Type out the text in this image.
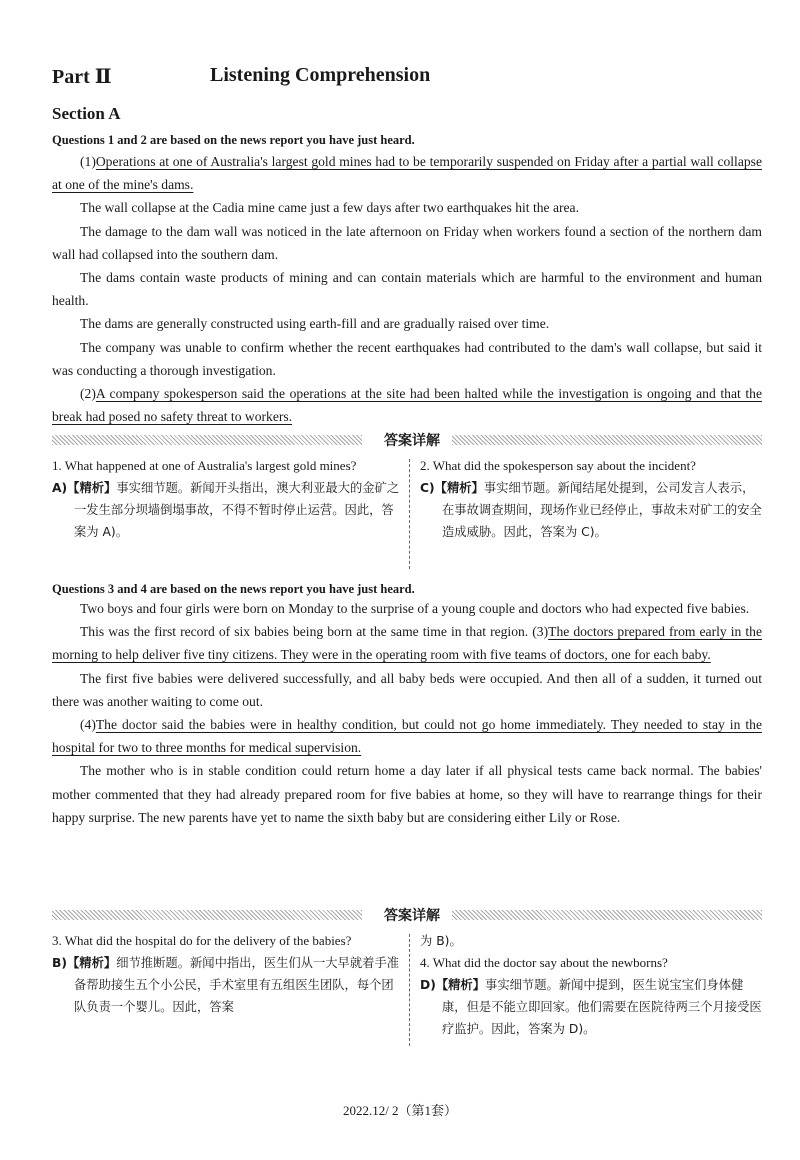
Part Ⅱ	Listening Comprehension
Section A
Questions 1 and 2 are based on the news report you have just heard.

(1)Operations at one of Australia's largest gold mines had to be temporarily suspended on Friday after a partial wall collapse at one of the mine's dams.

The wall collapse at the Cadia mine came just a few days after two earthquakes hit the area.

The damage to the dam wall was noticed in the late afternoon on Friday when workers found a section of the northern dam wall had collapsed into the southern dam.

The dams contain waste products of mining and can contain materials which are harmful to the environment and human health.

The dams are generally constructed using earth-fill and are gradually raised over time.

The company was unable to confirm whether the recent earthquakes had contributed to the dam's wall collapse, but said it was conducting a thorough investigation.

(2)A company spokesperson said the operations at the site had been halted while the investigation is ongoing and that the break had posed no safety threat to workers.

答案详解
1. What happened at one of Australia's largest gold mines?
A)【精析】事实细节题。新闻开头指出，澳大利亚最大的金矿之一发生部分坝墙倒塌事故，不得不暂时停止运营。因此，答案为 A)。
2. What did the spokesperson say about the incident?
C)【精析】事实细节题。新闻结尾处提到，公司发言人表示，在事故调查期间，现场作业已经停止，事故未对矿工的安全造成威胁。因此，答案为 C)。
Questions 3 and 4 are based on the news report you have just heard.

Two boys and four girls were born on Monday to the surprise of a young couple and doctors who had expected five babies.

This was the first record of six babies being born at the same time in that region. (3)The doctors prepared from early in the morning to help deliver five tiny citizens. They were in the operating room with five teams of doctors, one for each baby.

The first five babies were delivered successfully, and all baby beds were occupied. And then all of a sudden, it turned out there was another waiting to come out.

(4)The doctor said the babies were in healthy condition, but could not go home immediately. They needed to stay in the hospital for two to three months for medical supervision.

The mother who is in stable condition could return home a day later if all physical tests came back normal. The babies' mother commented that they had already prepared room for five babies at home, so they will have to rearrange things for their happy surprise. The new parents have yet to name the sixth baby but are considering either Lily or Rose.

答案详解
3. What did the hospital do for the delivery of the babies?
B)【精析】细节推断题。新闻中指出，医生们从一大早就着手准备帮助接生五个小公民，手术室里有五组医生团队，每个团队负责一个婴儿。因此，答案
为 B)。
4. What did the doctor say about the newborns?
D)【精析】事实细节题。新闻中提到，医生说宝宝们身体健康，但是不能立即回家。他们需要在医院待两三个月接受医疗监护。因此，答案为 D)。
2022.12/ 2（第1套）
